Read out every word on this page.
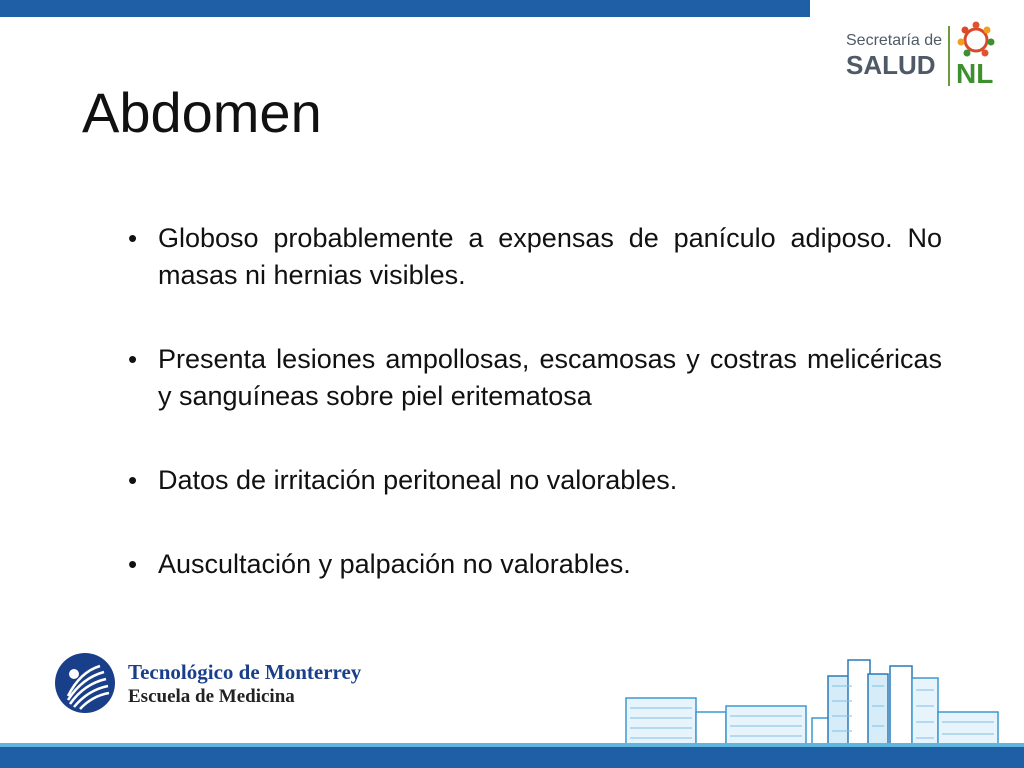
Secretaría de
SALUD NL
Abdomen
• Globoso probablemente a expensas de panículo adiposo. No masas ni hernias visibles.
• Presenta lesiones ampollosas, escamosas y costras melicéricas y sanguíneas sobre piel eritematosa
• Datos de irritación peritoneal no valorables.
• Auscultación y palpación no valorables.
Tecnológico de Monterrey
Escuela de Medicina
